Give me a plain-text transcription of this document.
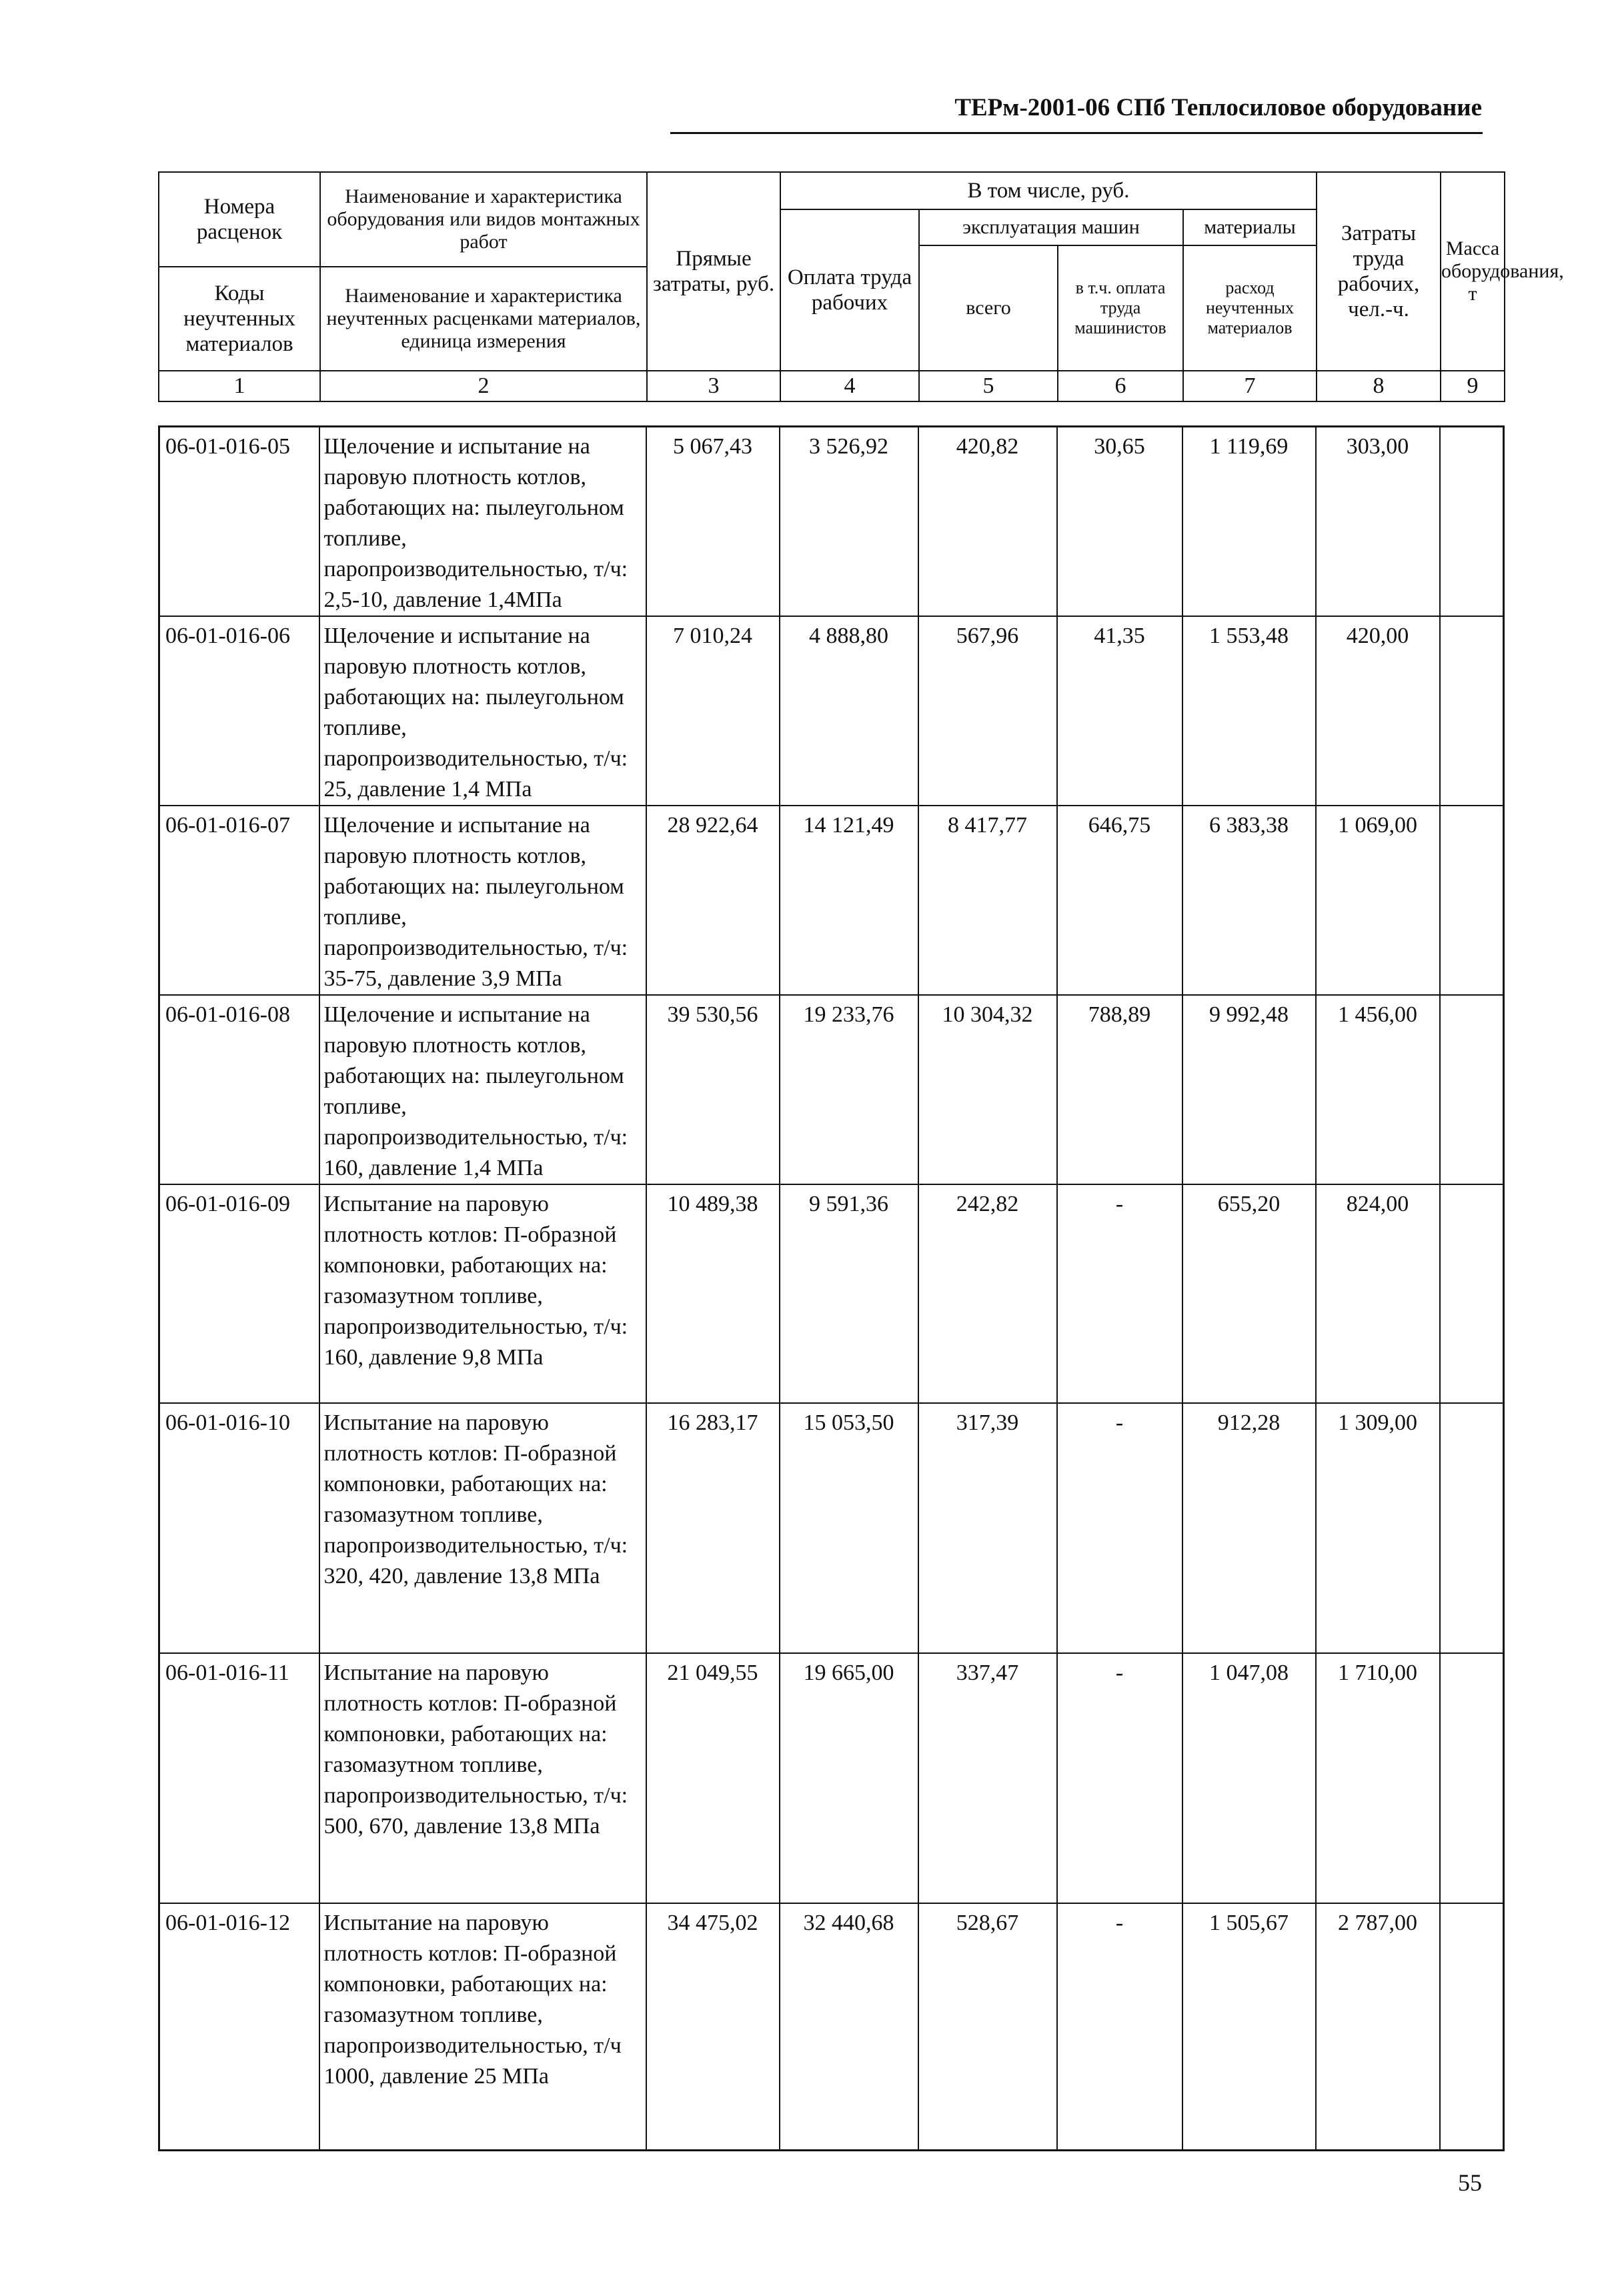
ТЕРм-2001-06 СПб Теплосиловое оборудование
Номера расценок	Наименование и характеристика оборудования или видов монтажных работ	Прямые затраты, руб.	В том числе, руб.				Затраты труда рабочих, чел.-ч.	Масса оборудования, т
			Оплата труда рабочих	эксплуатация машин		материалы		
				всего	в т.ч. оплата труда машинистов	расход неучтенных материалов		
Коды неучтенных материалов	Наименование и характеристика неучтенных расценками материалов, единица измерения							

1	2	3	4	5	6	7	8	9
06-01-016-05	Щелочение и испытание на паровую плотность котлов, работающих на: пылеугольном топливе, паропроизводительностью, т/ч: 2,5-10, давление 1,4МПа	5 067,43	3 526,92	420,82	30,65	1 119,69	303,00	
06-01-016-06	Щелочение и испытание на паровую плотность котлов, работающих на: пылеугольном топливе, паропроизводительностью, т/ч: 25, давление 1,4 МПа	7 010,24	4 888,80	567,96	41,35	1 553,48	420,00	
06-01-016-07	Щелочение и испытание на паровую плотность котлов, работающих на: пылеугольном топливе, паропроизводительностью, т/ч: 35-75, давление 3,9 МПа	28 922,64	14 121,49	8 417,77	646,75	6 383,38	1 069,00	
06-01-016-08	Щелочение и испытание на паровую плотность котлов, работающих на: пылеугольном топливе, паропроизводительностью, т/ч: 160, давление 1,4 МПа	39 530,56	19 233,76	10 304,32	788,89	9 992,48	1 456,00	
06-01-016-09	Испытание на паровую плотность котлов: П-образной компоновки, работающих на: газомазутном топливе, паропроизводительностью, т/ч: 160, давление 9,8 МПа	10 489,38	9 591,36	242,82	-	655,20	824,00	
06-01-016-10	Испытание на паровую плотность котлов: П-образной компоновки, работающих на: газомазутном топливе, паропроизводительностью, т/ч: 320, 420, давление 13,8 МПа	16 283,17	15 053,50	317,39	-	912,28	1 309,00	
06-01-016-11	Испытание на паровую плотность котлов: П-образной компоновки, работающих на: газомазутном топливе, паропроизводительностью, т/ч: 500, 670, давление 13,8 МПа	21 049,55	19 665,00	337,47	-	1 047,08	1 710,00	
06-01-016-12	Испытание на паровую плотность котлов: П-образной компоновки, работающих на: газомазутном топливе, паропроизводительностью, т/ч 1000, давление 25 МПа	34 475,02	32 440,68	528,67	-	1 505,67	2 787,00	
55
